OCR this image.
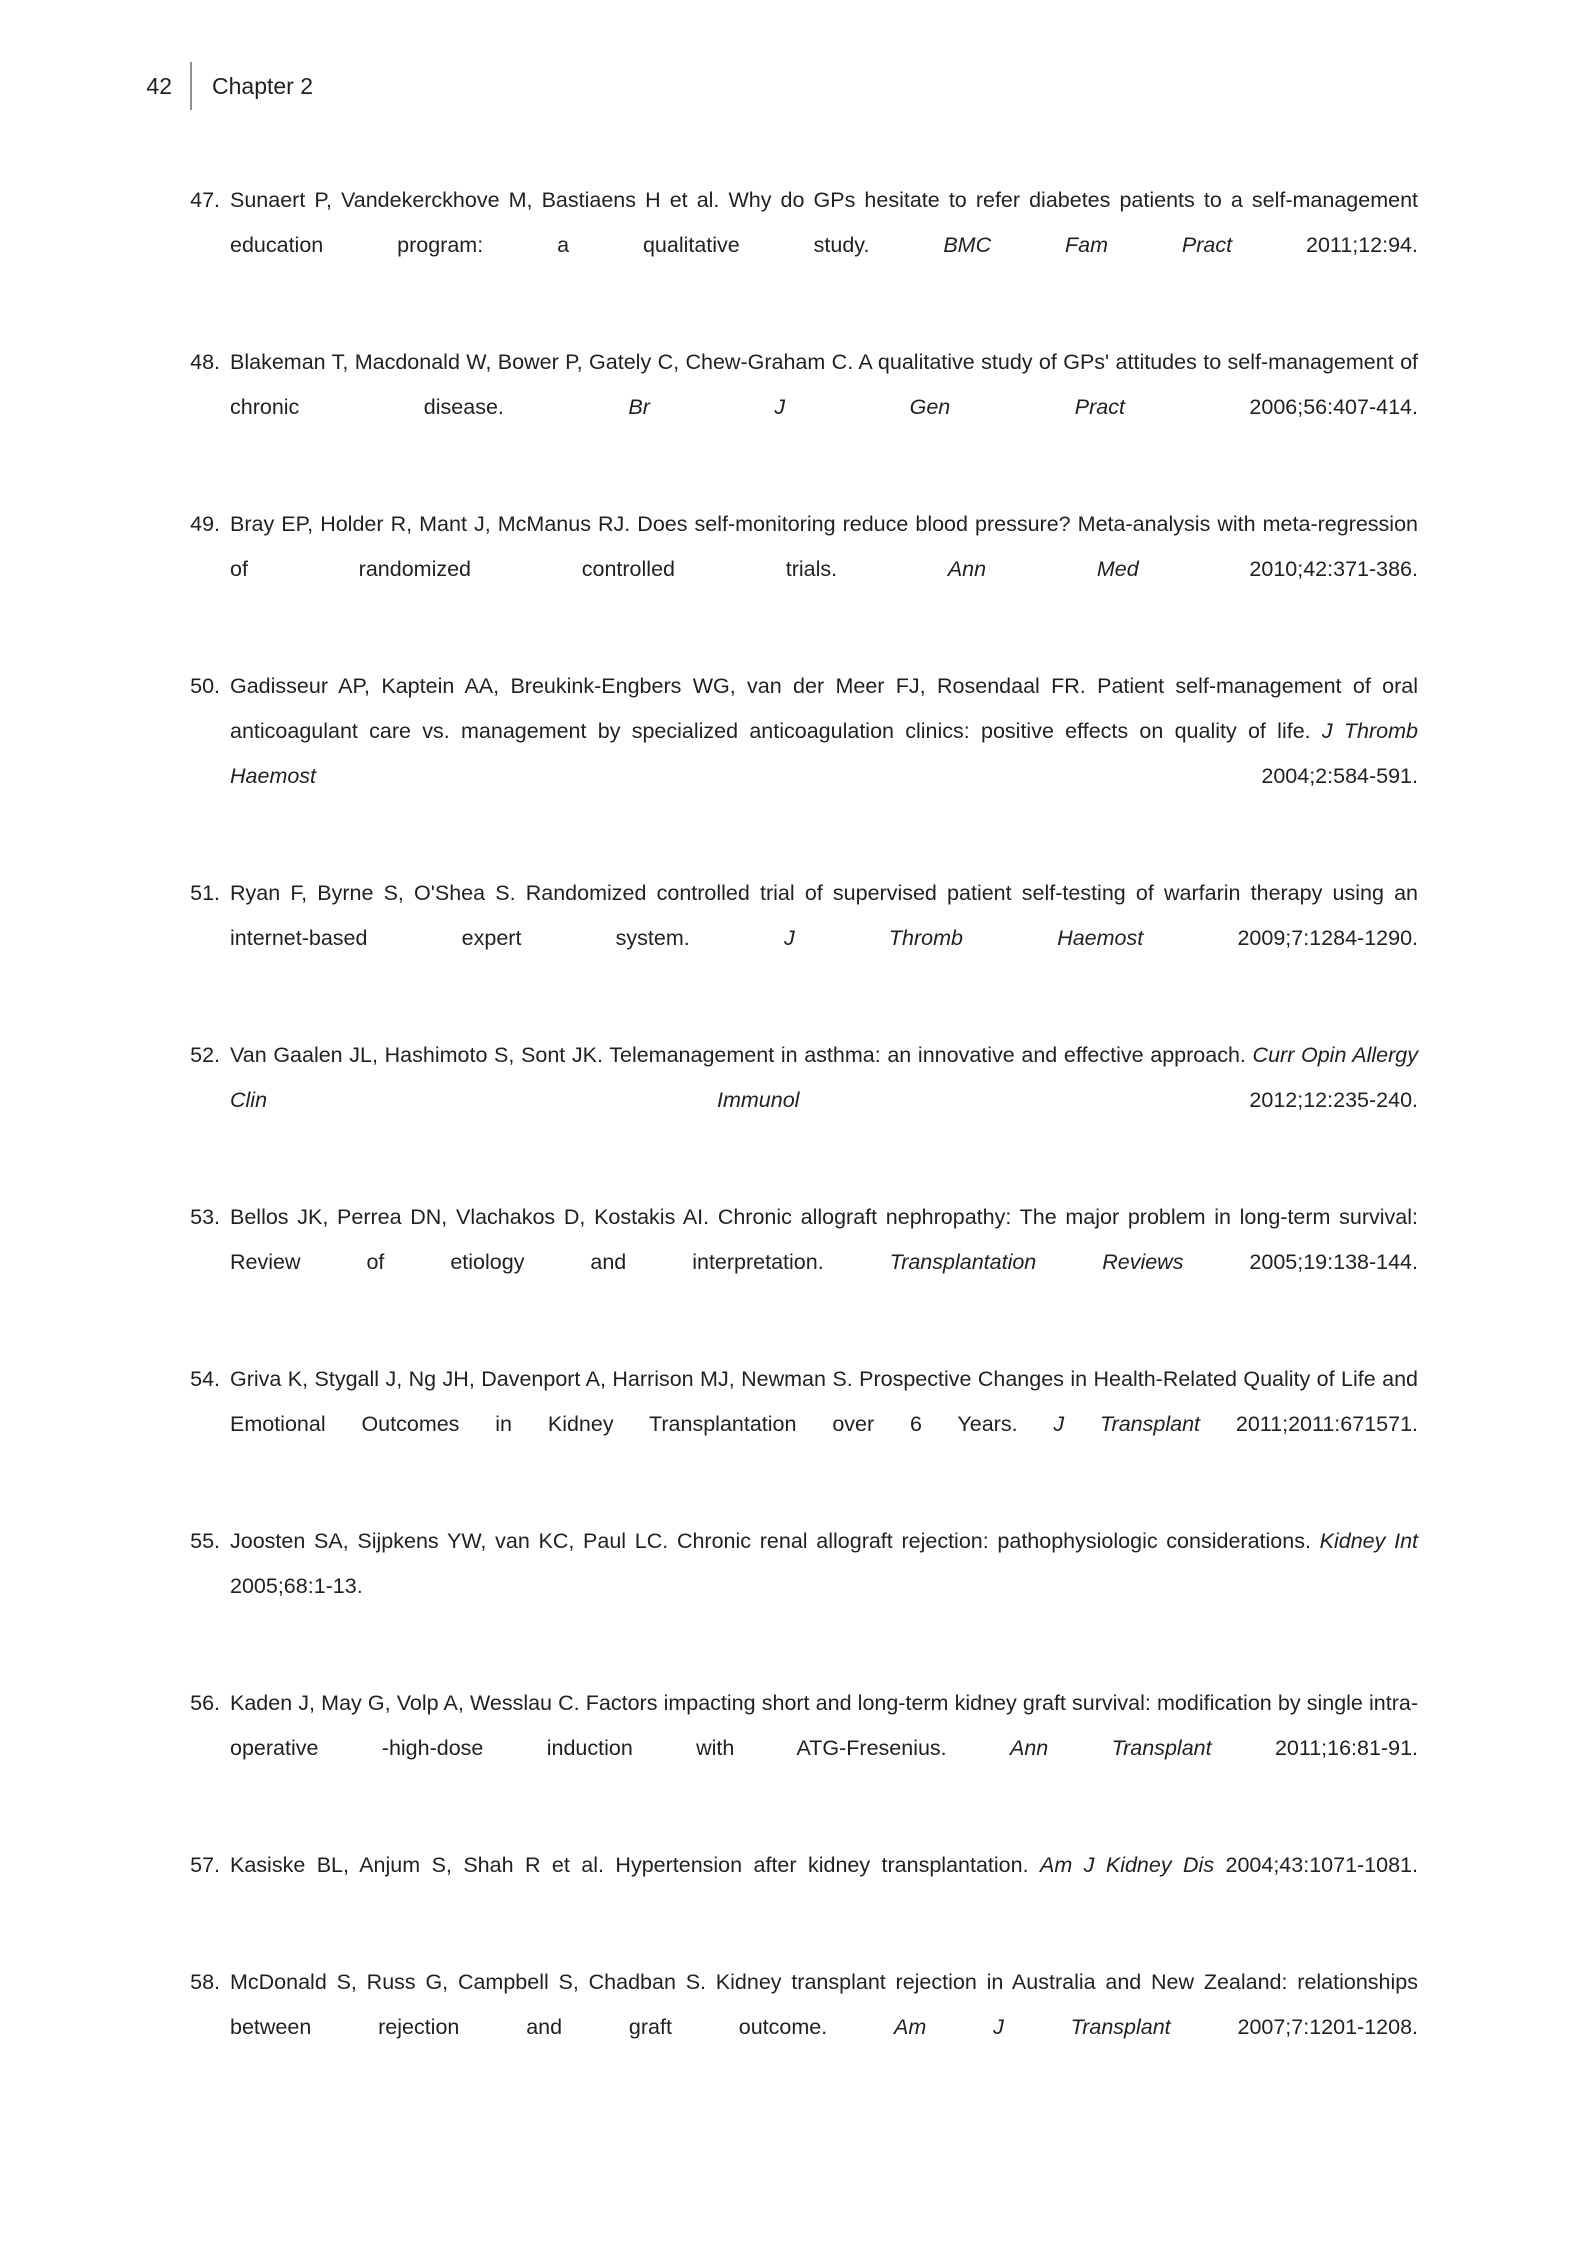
42	Chapter 2
47. Sunaert P, Vandekerckhove M, Bastiaens H et al. Why do GPs hesitate to refer diabetes patients to a self-management education program: a qualitative study. BMC Fam Pract 2011;12:94.
48. Blakeman T, Macdonald W, Bower P, Gately C, Chew-Graham C. A qualitative study of GPs' attitudes to self-management of chronic disease. Br J Gen Pract 2006;56:407-414.
49. Bray EP, Holder R, Mant J, McManus RJ. Does self-monitoring reduce blood pressure? Meta-analysis with meta-regression of randomized controlled trials. Ann Med 2010;42:371-386.
50. Gadisseur AP, Kaptein AA, Breukink-Engbers WG, van der Meer FJ, Rosendaal FR. Patient self-management of oral anticoagulant care vs. management by specialized anticoagulation clinics: positive effects on quality of life. J Thromb Haemost 2004;2:584-591.
51. Ryan F, Byrne S, O'Shea S. Randomized controlled trial of supervised patient self-testing of warfarin therapy using an internet-based expert system. J Thromb Haemost 2009;7:1284-1290.
52. Van Gaalen JL, Hashimoto S, Sont JK. Telemanagement in asthma: an innovative and effective approach. Curr Opin Allergy Clin Immunol 2012;12:235-240.
53. Bellos JK, Perrea DN, Vlachakos D, Kostakis AI. Chronic allograft nephropathy: The major problem in long-term survival: Review of etiology and interpretation. Transplantation Reviews 2005;19:138-144.
54. Griva K, Stygall J, Ng JH, Davenport A, Harrison MJ, Newman S. Prospective Changes in Health-Related Quality of Life and Emotional Outcomes in Kidney Transplantation over 6 Years. J Transplant 2011;2011:671571.
55. Joosten SA, Sijpkens YW, van KC, Paul LC. Chronic renal allograft rejection: pathophysiologic considerations. Kidney Int 2005;68:1-13.
56. Kaden J, May G, Volp A, Wesslau C. Factors impacting short and long-term kidney graft survival: modification by single intra-operative -high-dose induction with ATG-Fresenius. Ann Transplant 2011;16:81-91.
57. Kasiske BL, Anjum S, Shah R et al. Hypertension after kidney transplantation. Am J Kidney Dis 2004;43:1071-1081.
58. McDonald S, Russ G, Campbell S, Chadban S. Kidney transplant rejection in Australia and New Zealand: relationships between rejection and graft outcome. Am J Transplant 2007;7:1201-1208.
